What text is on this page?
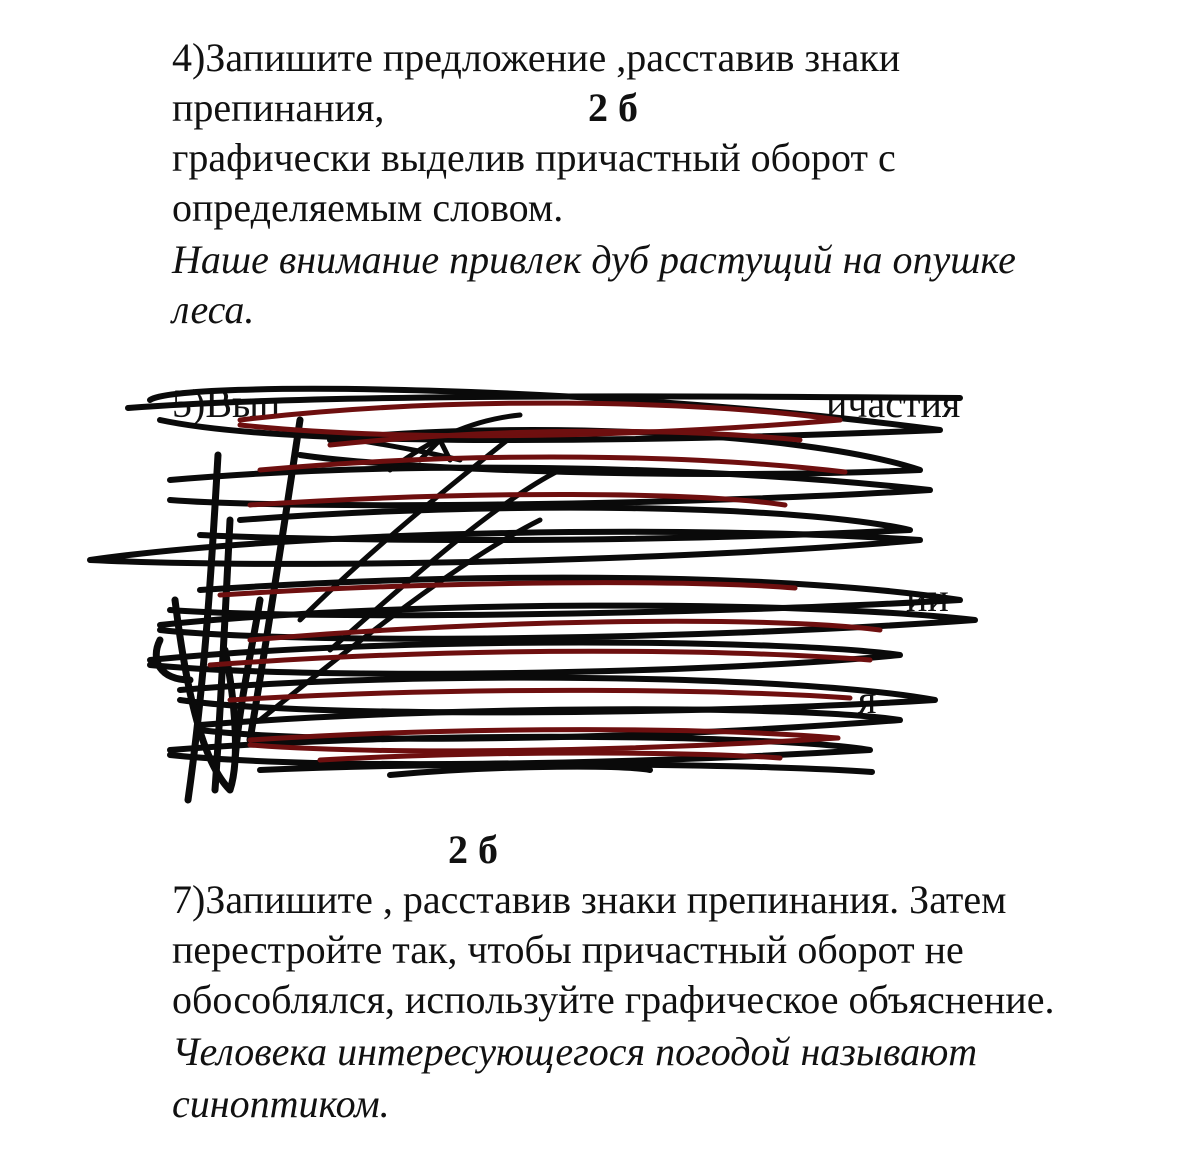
4)Запишите предложение ,расставив знаки

препинания,	2 б

графически выделив причастный оборот с

определяемым словом.

Наше внимание привлек дуб растущий на опушке

леса.

5)Вып	ичастия
ии
я
2 б

7)Запишите , расставив знаки препинания. Затем

перестройте так, чтобы причастный оборот не

обособлялся, используйте графическое объяснение.

Человека интересующегося погодой называют

синоптиком.
